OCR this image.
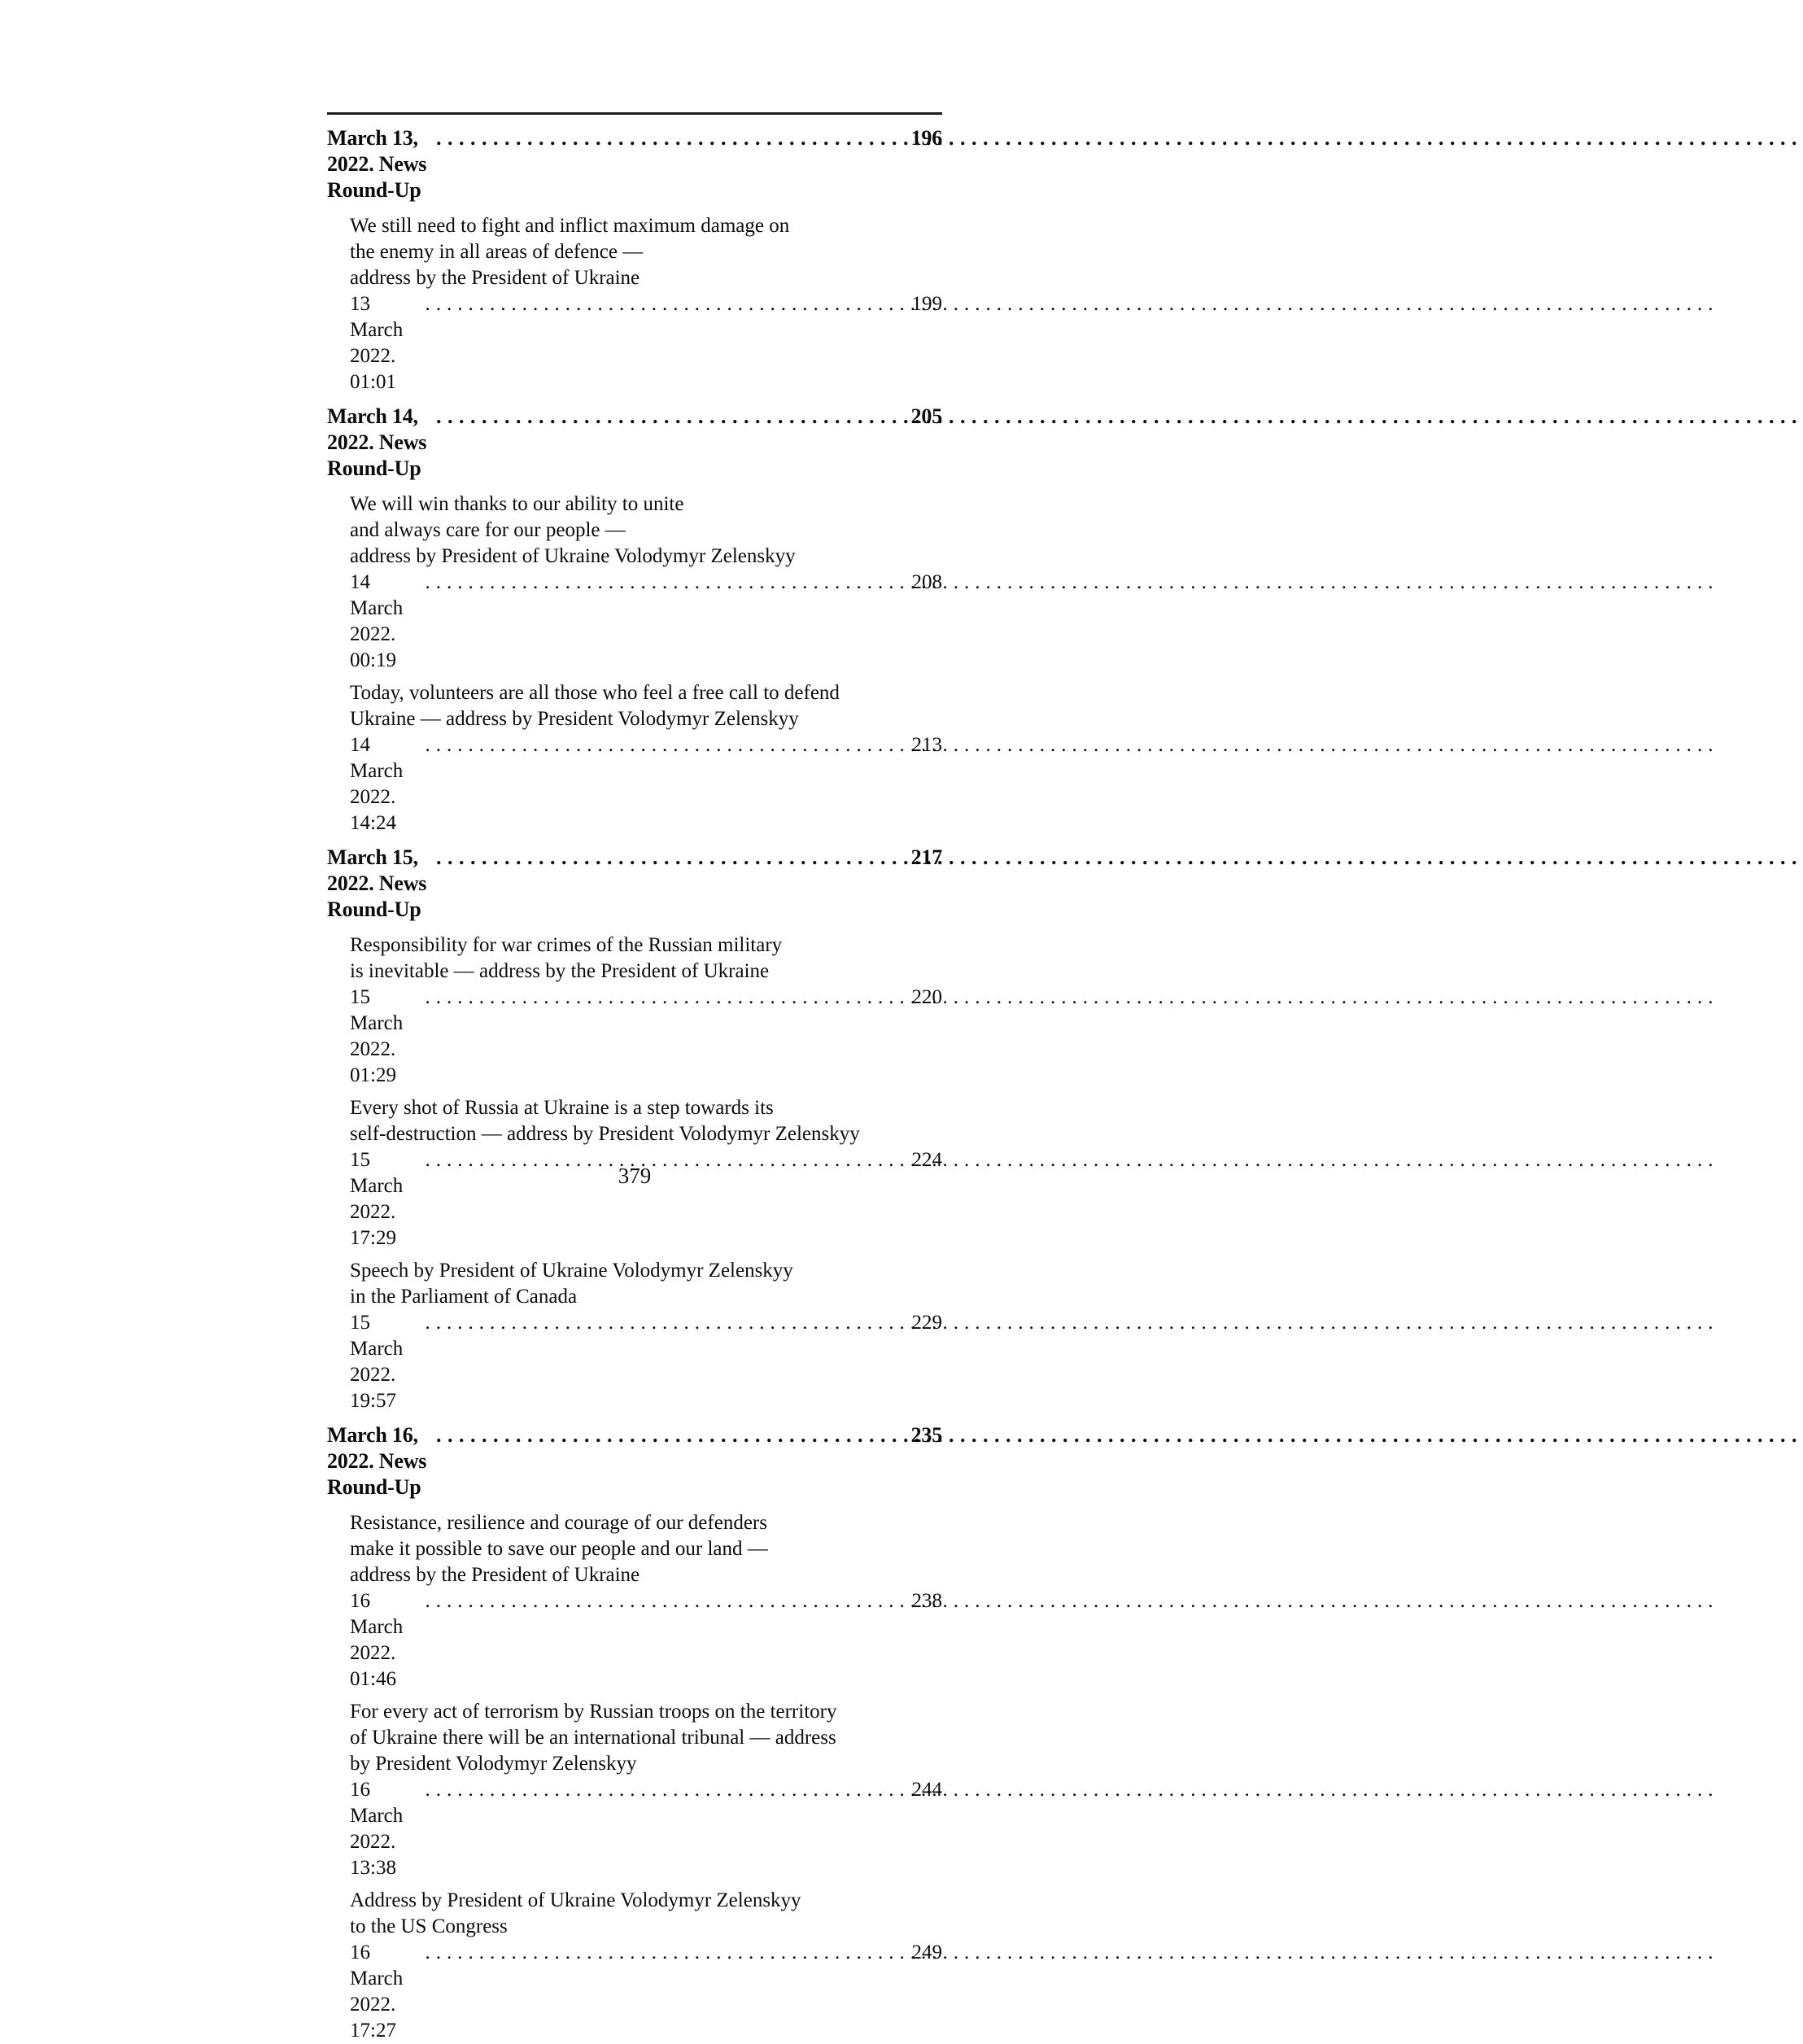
March 13, 2022. News Round-Up
.....
196
We still need to fight and inflict maximum damage on
the enemy in all areas of defence —
address by the President of Ukraine
13 March 2022. 01:01
.....
199
March 14, 2022. News Round-Up
.....
205
We will win thanks to our ability to unite
and always care for our people —
address by President of Ukraine Volodymyr Zelenskyy
14 March 2022. 00:19
.....
208
Today, volunteers are all those who feel a free call to defend
Ukraine — address by President Volodymyr Zelenskyy
14 March 2022. 14:24
.....
213
March 15, 2022. News Round-Up
.....
217
Responsibility for war crimes of the Russian military
is inevitable — address by the President of Ukraine
15 March 2022. 01:29
.....
220
Every shot of Russia at Ukraine is a step towards its
self-destruction — address by President Volodymyr Zelenskyy
15 March 2022. 17:29
.....
224
Speech by President of Ukraine Volodymyr Zelenskyy
in the Parliament of Canada
15 March 2022. 19:57
.....
229
March 16, 2022. News Round-Up
.....
235
Resistance, resilience and courage of our defenders
make it possible to save our people and our land —
address by the President of Ukraine
16 March 2022. 01:46
.....
238
For every act of terrorism by Russian troops on the territory
of Ukraine there will be an international tribunal — address
by President Volodymyr Zelenskyy
16 March 2022. 13:38
.....
244
Address by President of Ukraine Volodymyr Zelenskyy
to the US Congress
16 March 2022. 17:27
.....
249
379
